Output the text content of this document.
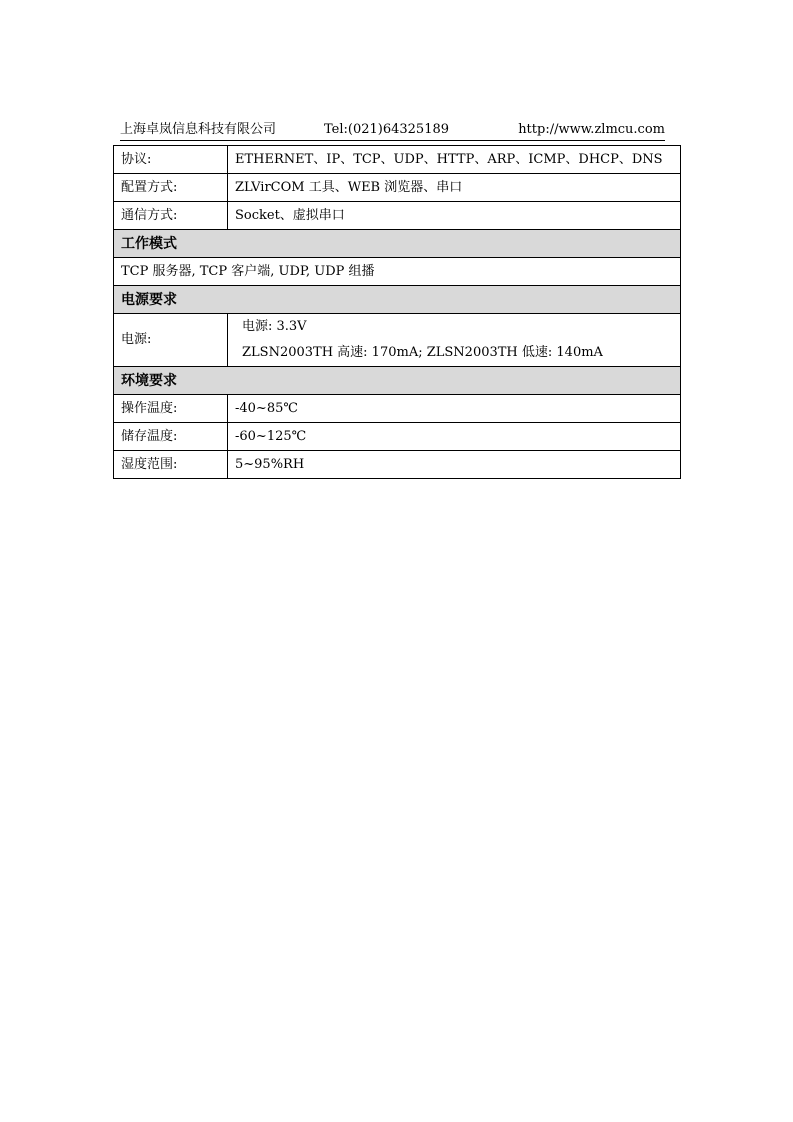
上海卓岚信息科技有限公司	Tel:(021)64325189	http://www.zlmcu.com
协议:	ETHERNET、IP、TCP、UDP、HTTP、ARP、ICMP、DHCP、DNS
配置方式:	ZLVirCOM 工具、WEB 浏览器、串口
通信方式:	Socket、虚拟串口
工作模式	
TCP 服务器, TCP 客户端, UDP, UDP 组播	
电源要求	
电源:	电源: 3.3V
ZLSN2003TH 高速: 170mA; ZLSN2003TH 低速: 140mA

环境要求	
操作温度:	-40~85℃
储存温度:	-60~125℃
湿度范围:	5~95%RH
